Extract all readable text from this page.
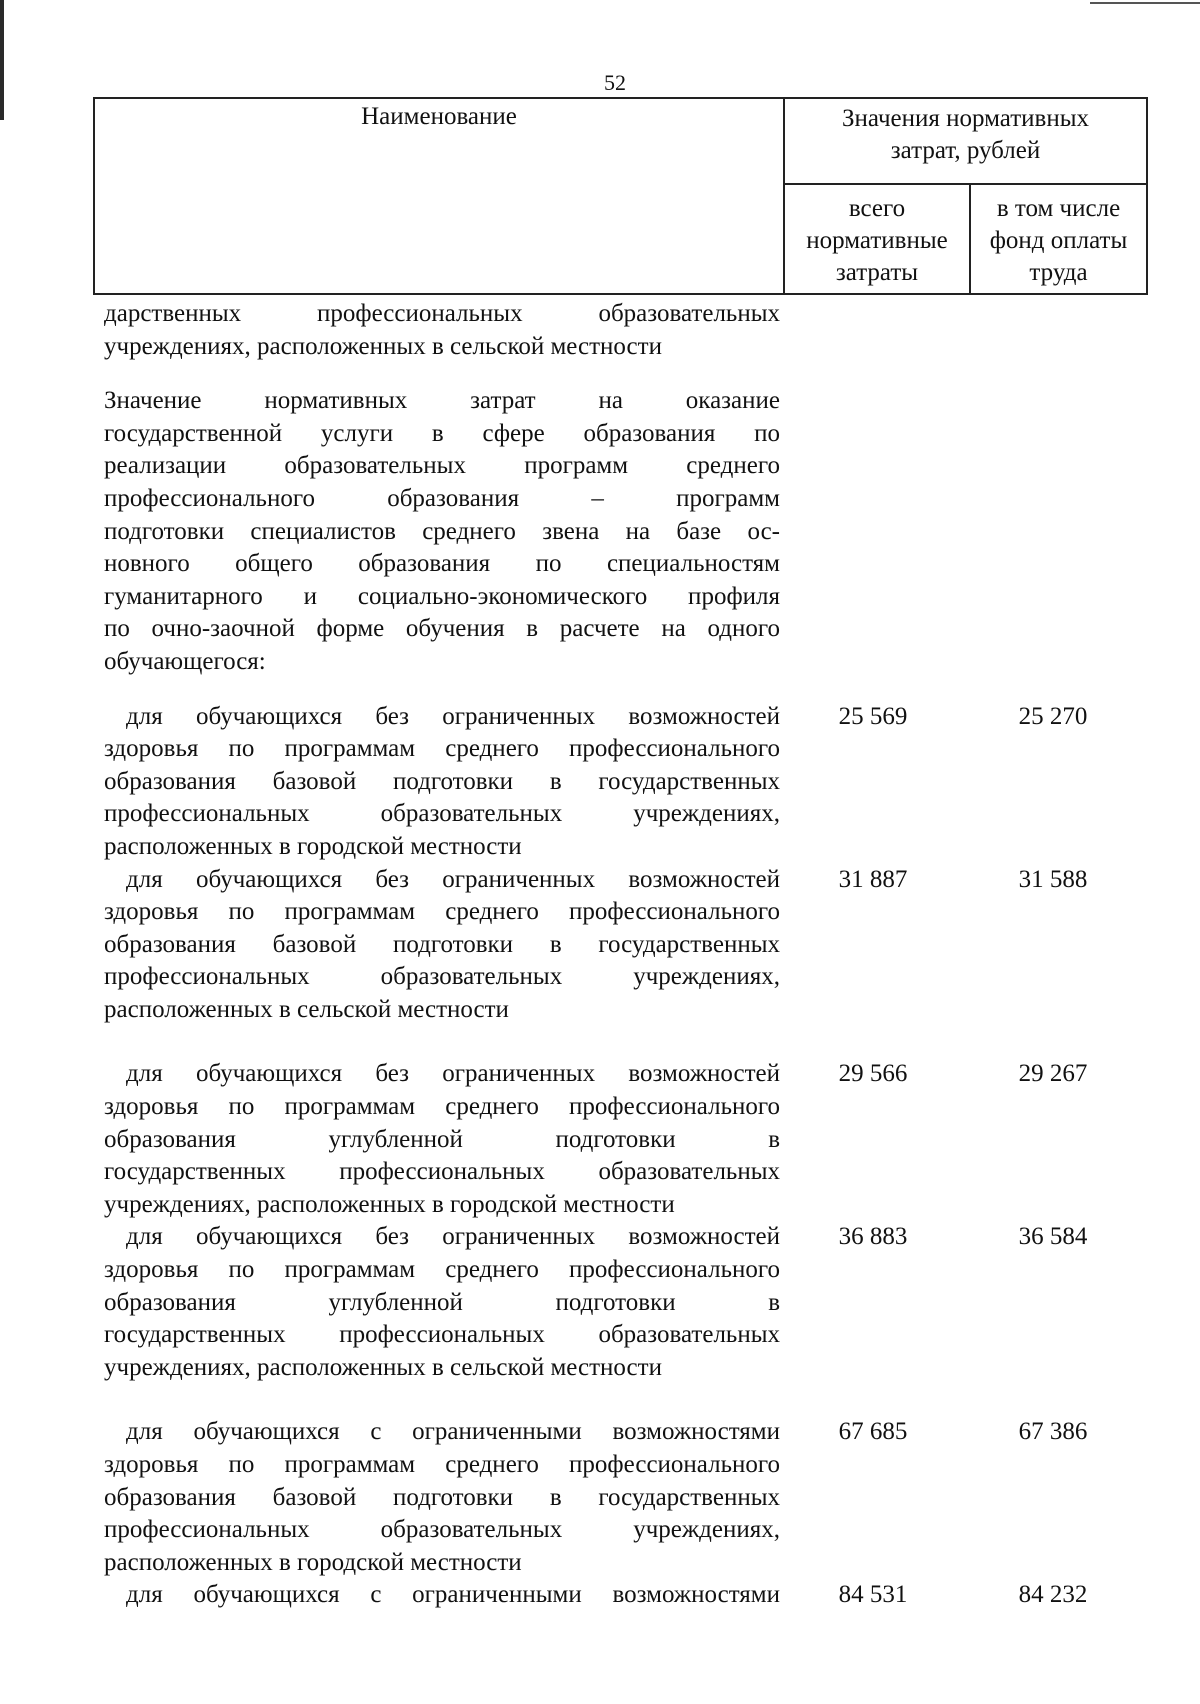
52
Наименование	Значения нормативных затрат, рублей	
	всего нормативные затраты	в том числе фонд оплаты труда
дарственных профессиональных образовательных
учреждениях, расположенных в сельской местности
Значение нормативных затрат на оказание
государственной услуги в сфере образования по
реализации образовательных программ среднего
профессионального образования – программ
подготовки специалистов среднего звена на базе ос-
новного общего образования по специальностям
гуманитарного и социально-экономического профиля
по очно-заочной форме обучения в расчете на одного
обучающегося:
для обучающихся без ограниченных возможностей
здоровья по программам среднего профессионального
образования базовой подготовки в государственных
профессиональных образовательных учреждениях,
расположенных в городской местности
25 569	25 270
для обучающихся без ограниченных возможностей
здоровья по программам среднего профессионального
образования базовой подготовки в государственных
профессиональных образовательных учреждениях,
расположенных в сельской местности
31 887	31 588
для обучающихся без ограниченных возможностей
здоровья по программам среднего профессионального
образования углубленной подготовки в
государственных профессиональных образовательных
учреждениях, расположенных в городской местности
29 566	29 267
для обучающихся без ограниченных возможностей
здоровья по программам среднего профессионального
образования углубленной подготовки в
государственных профессиональных образовательных
учреждениях, расположенных в сельской местности
36 883	36 584
для обучающихся с ограниченными возможностями
здоровья по программам среднего профессионального
образования базовой подготовки в государственных
профессиональных образовательных учреждениях,
расположенных в городской местности
67 685	67 386
для обучающихся с ограниченными возможностями	84 531	84 232
